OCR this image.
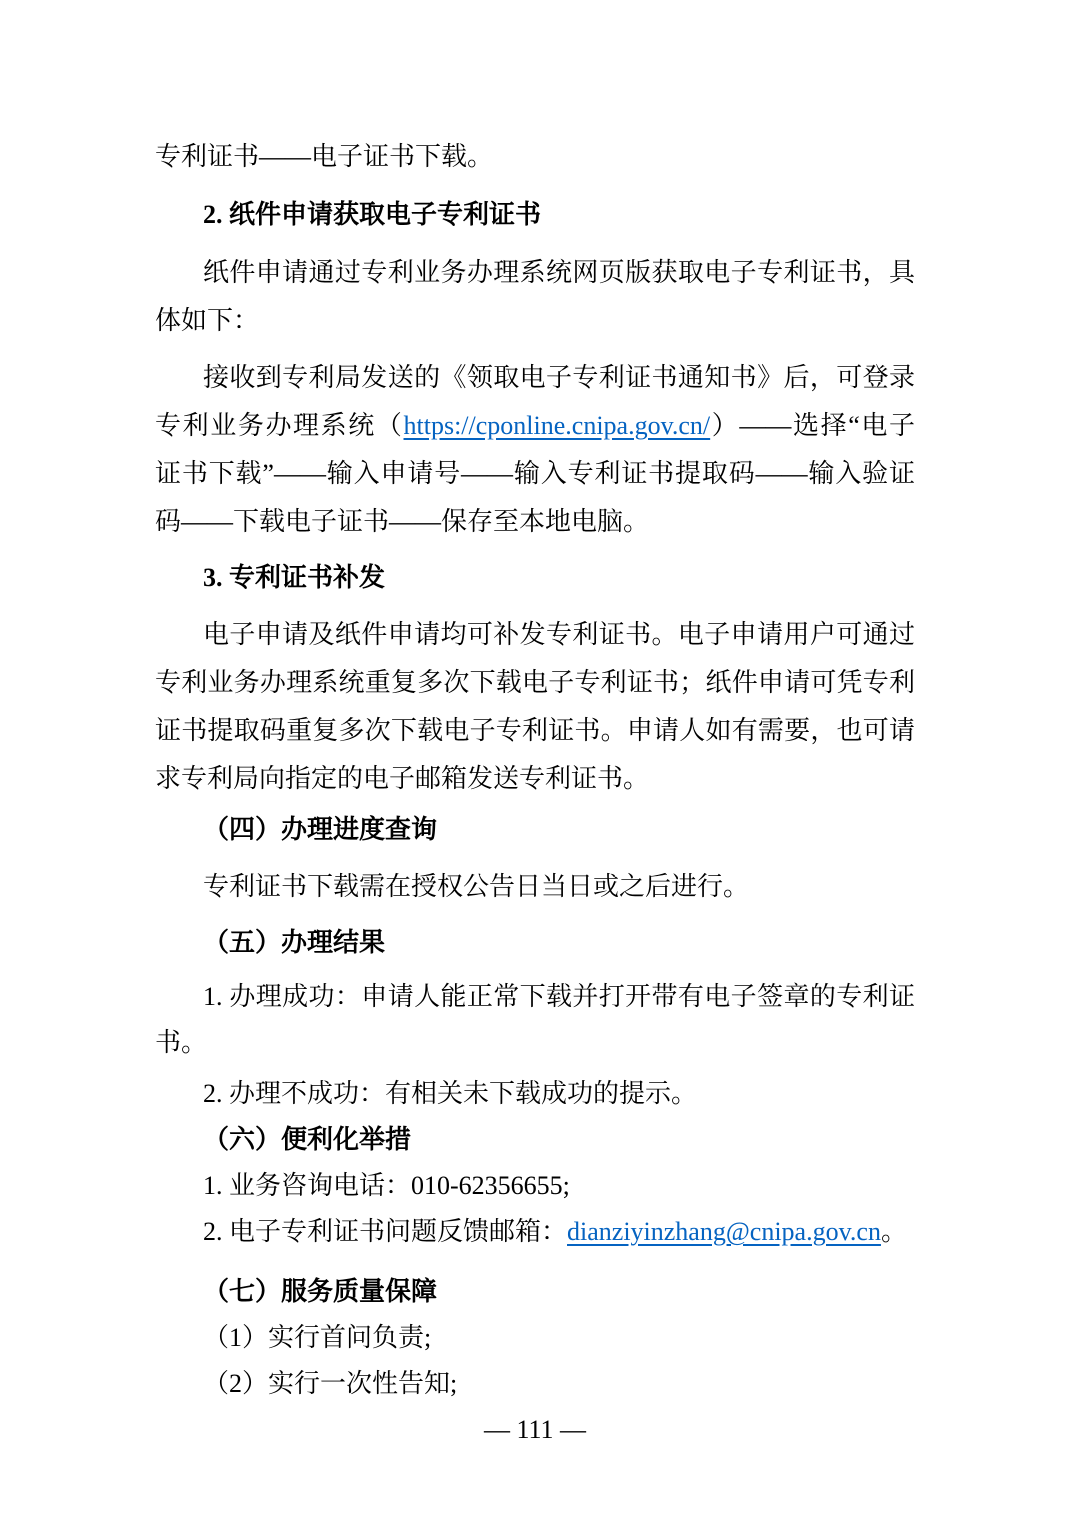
专利证书——电子证书下载。

2. 纸件申请获取电子专利证书

纸件申请通过专利业务办理系统网页版获取电子专利证书，具体如下：

接收到专利局发送的《领取电子专利证书通知书》后，可登录专利业务办理系统（https://cponline.cnipa.gov.cn/）——选择“电子证书下载”——输入申请号——输入专利证书提取码——输入验证码——下载电子证书——保存至本地电脑。

3. 专利证书补发

电子申请及纸件申请均可补发专利证书。电子申请用户可通过专利业务办理系统重复多次下载电子专利证书；纸件申请可凭专利证书提取码重复多次下载电子专利证书。申请人如有需要，也可请求专利局向指定的电子邮箱发送专利证书。

（四）办理进度查询

专利证书下载需在授权公告日当日或之后进行。

（五）办理结果

1. 办理成功：申请人能正常下载并打开带有电子签章的专利证书。

2. 办理不成功：有相关未下载成功的提示。

（六）便利化举措

1. 业务咨询电话：010-62356655;

2. 电子专利证书问题反馈邮箱：dianziyinzhang@cnipa.gov.cn。

（七）服务质量保障

（1）实行首问负责;

（2）实行一次性告知;

— 111 —
